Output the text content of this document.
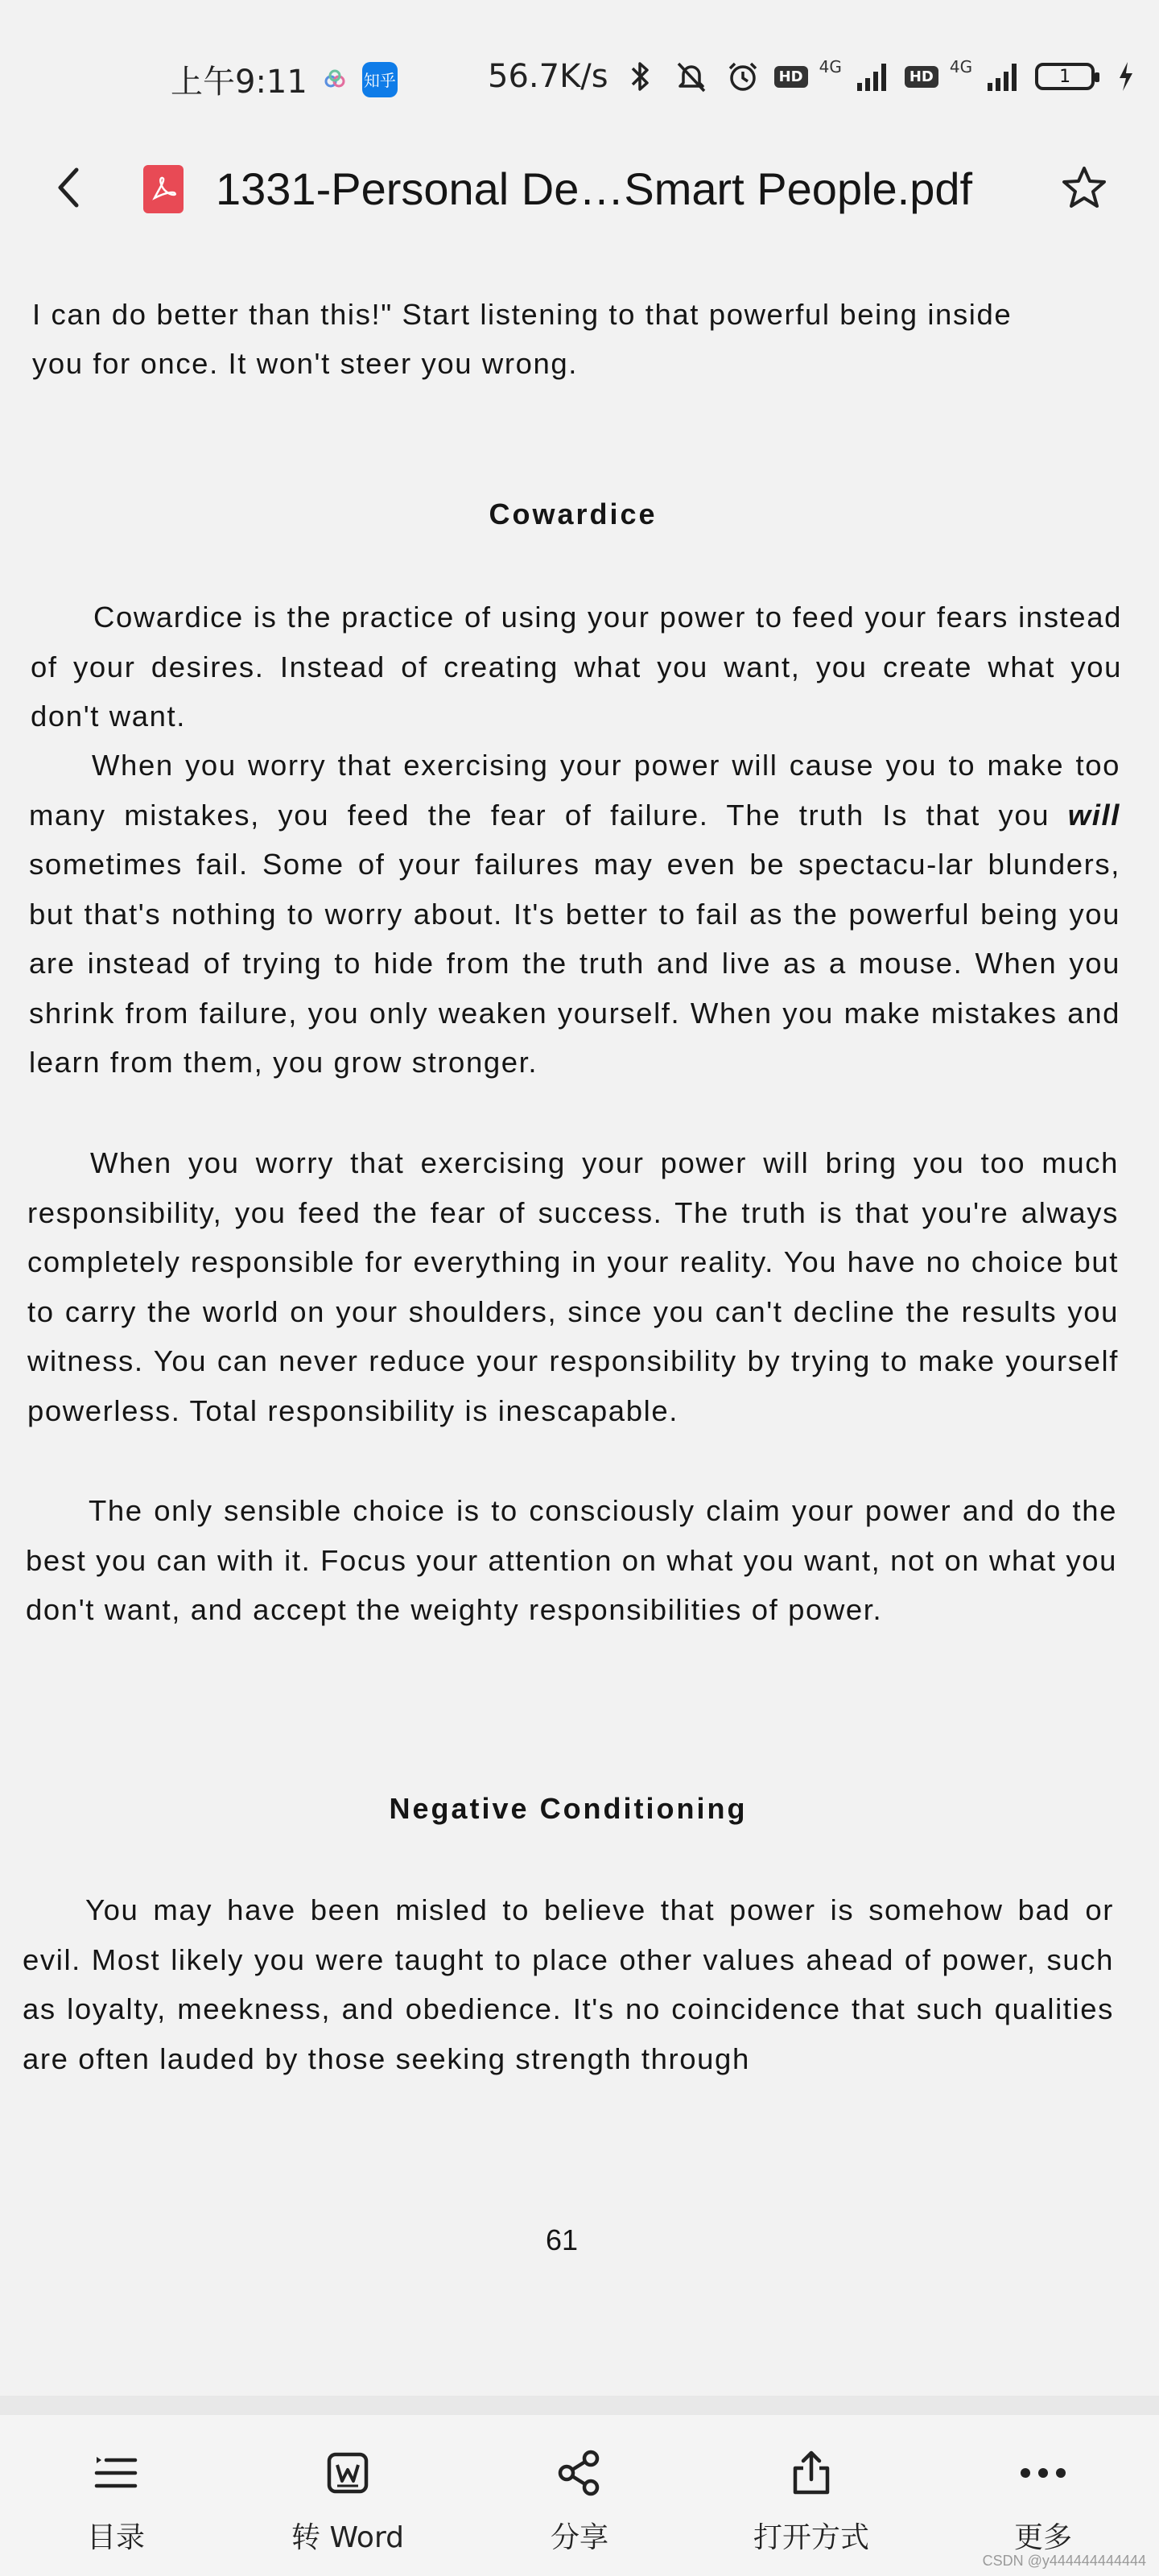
上午9:11	知乎	56.7K/s	HD	4G	HD	4G	1
1331-Personal De…Smart People.pdf

I can do better than this!" Start listening to that powerful being inside

you for once. It won't steer you wrong.

Cowardice

Cowardice is the practice of using your power to feed your fears instead of your desires. Instead of creating what you want, you create what you don't want.

When you worry that exercising your power will cause you to make too many mistakes, you feed the fear of failure. The truth Is that you will sometimes fail. Some of your failures may even be spectacu-lar blunders, but that's nothing to worry about. It's better to fail as the powerful being you are instead of trying to hide from the truth and live as a mouse. When you shrink from failure, you only weaken yourself. When you make mistakes and learn from them, you grow stronger.

When you worry that exercising your power will bring you too much responsibility, you feed the fear of success. The truth is that you're always completely responsible for everything in your reality. You have no choice but to carry the world on your shoulders, since you can't decline the results you witness. You can never reduce your responsibility by trying to make yourself powerless. Total responsibility is inescapable.

The only sensible choice is to consciously claim your power and do the best you can with it. Focus your attention on what you want, not on what you don't want, and accept the weighty responsibilities of power.

Negative Conditioning

You may have been misled to believe that power is somehow bad or evil. Most likely you were taught to place other values ahead of power, such as loyalty, meekness, and obedience. It's no coincidence that such qualities are often lauded by those seeking strength through

61
目录	转 Word	分享	打开方式	更多
CSDN @y444444444444
